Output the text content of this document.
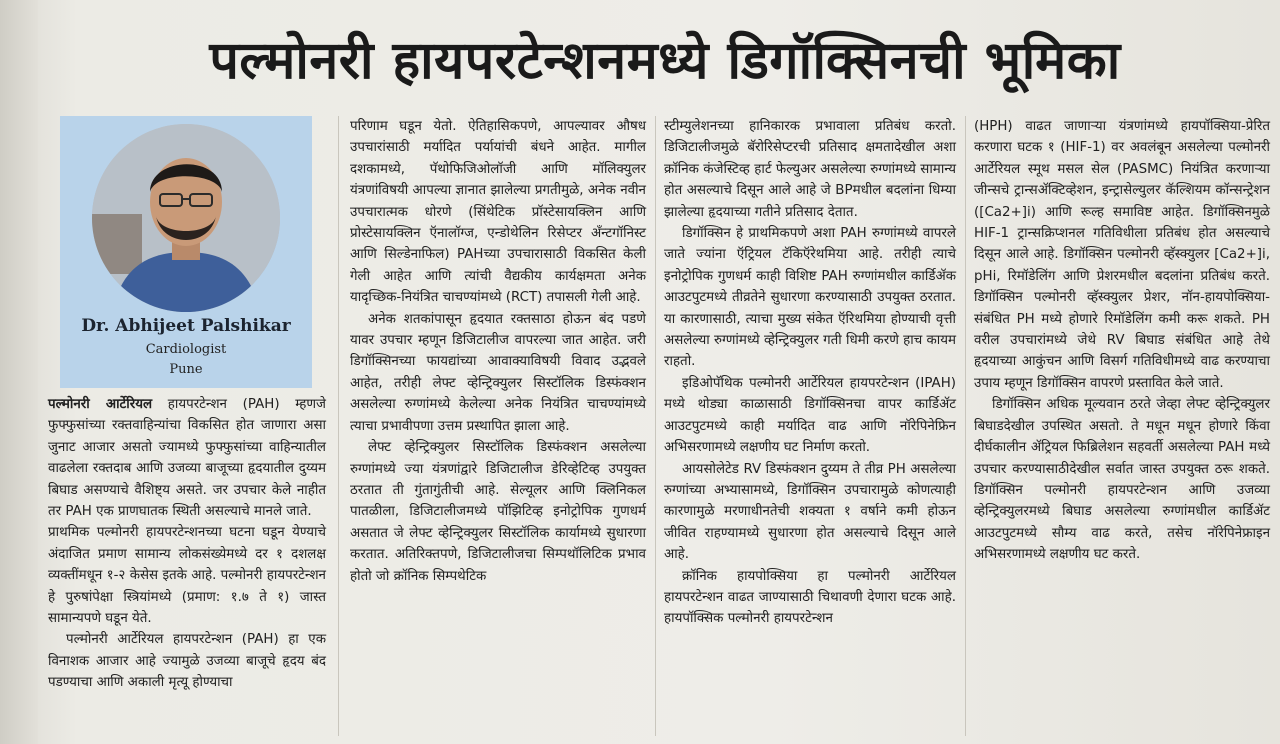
पल्मोनरी हायपरटेन्शनमध्ये डिगॉक्सिनची भूमिका
Dr. Abhijeet Palshikar
Cardiologist
Pune

पल्मोनरी आर्टेरियल हायपरटेन्शन (PAH) म्हणजे फुफ्फुसांच्या रक्तवाहिन्यांचा विकसित होत जाणारा असा जुनाट आजार असतो ज्यामध्ये फुफ्फुसांच्या वाहिन्यातील वाढलेला रक्तदाब आणि उजव्या बाजूच्या हृदयातील दुय्यम बिघाड असण्याचे वैशिष्ट्य असते. जर उपचार केले नाहीत तर PAH एक प्राणघातक स्थिती असल्याचे मानले जाते.

प्राथमिक पल्मोनरी हायपरटेन्शनच्या घटना घडून येण्याचे अंदाजित प्रमाण सामान्य लोकसंख्येमध्ये दर १ दशलक्ष व्यक्तींमधून १-२ केसेस इतके आहे. पल्मोनरी हायपरटेन्शन हे पुरुषांपेक्षा स्त्रियांमध्ये (प्रमाण: १.७ ते १) जास्त सामान्यपणे घडून येते.

पल्मोनरी आर्टेरियल हायपरटेन्शन (PAH) हा एक विनाशक आजार आहे ज्यामुळे उजव्या बाजूचे हृदय बंद पडण्याचा आणि अकाली मृत्यू होण्याचा

परिणाम घडून येतो. ऐतिहासिकपणे, आपल्यावर औषध उपचारांसाठी मर्यादित पर्यायांची बंधने आहेत. मागील दशकामध्ये, पॅथोफिजिओलॉजी आणि मॉलिक्युलर यंत्रणांविषयी आपल्या ज्ञानात झालेल्या प्रगतीमुळे, अनेक नवीन उपचारात्मक धोरणे (सिंथेटिक प्रॉस्टेसायक्लिन आणि प्रोस्टेसायक्लिन ऍनालॉग्ज, एन्डोथेलिन रिसेप्टर अँन्टगॉनिस्ट आणि सिल्डेनाफिल) PAHच्या उपचारासाठी विकसित केली गेली आहेत आणि त्यांची वैद्यकीय कार्यक्षमता अनेक यादृच्छिक-नियंत्रित चाचण्यांमध्ये (RCT) तपासली गेली आहे.

अनेक शतकांपासून हृदयात रक्तसाठा होऊन बंद पडणे यावर उपचार म्हणून डिजिटालीज वापरल्या जात आहेत. जरी डिगॉक्सिनच्या फायद्यांच्या आवाक्याविषयी विवाद उद्भवले आहेत, तरीही लेफ्ट व्हेन्ट्रिक्युलर सिस्टॉलिक डिस्फंक्शन असलेल्या रुग्णांमध्ये केलेल्या अनेक नियंत्रित चाचण्यांमध्ये त्याचा प्रभावीपणा उत्तम प्रस्थापित झाला आहे.

लेफ्ट व्हेन्ट्रिक्युलर सिस्टॉलिक डिस्फंक्शन असलेल्या रुग्णांमध्ये ज्या यंत्रणांद्वारे डिजिटालीज डेरिव्हेटिव्ह उपयुक्त ठरतात ती गुंतागुंतीची आहे. सेल्यूलर आणि क्लिनिकल पातळीला, डिजिटालीजमध्ये पॉझिटिव्ह इनोट्रोपिक गुणधर्म असतात जे लेफ्ट व्हेन्ट्रिक्युलर सिस्टॉलिक कार्यामध्ये सुधारणा करतात. अतिरिक्तपणे, डिजिटालीजचा सिम्पथॉलिटिक प्रभाव होतो जो क्रॉनिक सिम्पथेटिक

स्टीम्युलेशनच्या हानिकारक प्रभावाला प्रतिबंध करतो. डिजिटालीजमुळे बॅरोरिसेप्टरची प्रतिसाद क्षमतादेखील अशा क्रॉनिक कंजेस्टिव्ह हार्ट फेल्युअर असलेल्या रुग्णांमध्ये सामान्य होत असल्याचे दिसून आले आहे जे BPमधील बदलांना धिम्या झालेल्या हृदयाच्या गतीने प्रतिसाद देतात.

डिगॉक्सिन हे प्राथमिकपणे अशा PAH रुग्णांमध्ये वापरले जाते ज्यांना ऍट्रियल टॅकिऍरेथमिया आहे. तरीही त्याचे इनोट्रोपिक गुणधर्म काही विशिष्ट PAH रुग्णांमधील कार्डिॲक आउटपुटमध्ये तीव्रतेने सुधारणा करण्यासाठी उपयुक्त ठरतात. या कारणासाठी, त्याचा मुख्य संकेत ऍरिथमिया होण्याची वृत्ती असलेल्या रुग्णांमध्ये व्हेन्ट्रिक्युलर गती धिमी करणे हाच कायम राहतो.

इडिओपॅथिक पल्मोनरी आर्टेरियल हायपरटेन्शन (IPAH) मध्ये थोड्या काळासाठी डिगॉक्सिनचा वापर कार्डिॲट आउटपुटमध्ये काही मर्यादित वाढ आणि नॉरेपिनेफ्रिन अभिसरणामध्ये लक्षणीय घट निर्माण करतो.

आयसोलेटेड RV डिस्फंक्शन दुय्यम ते तीव्र PH असलेल्या रुग्णांच्या अभ्यासामध्ये, डिगॉक्सिन उपचारामुळे कोणत्याही कारणामुळे मरणाधीनतेची शक्यता १ वर्षाने कमी होऊन जीवित राहण्यामध्ये सुधारणा होत असल्याचे दिसून आले आहे.

क्रॉनिक हायपोक्सिया हा पल्मोनरी आर्टेरियल हायपरटेन्शन वाढत जाण्यासाठी चिथावणी देणारा घटक आहे. हायपॉक्सिक पल्मोनरी हायपरटेन्शन

(HPH) वाढत जाणाऱ्या यंत्रणांमध्ये हायपॉक्सिया-प्रेरित करणारा घटक १ (HIF-1) वर अवलंबून असलेल्या पल्मोनरी आर्टेरियल स्मूथ मसल सेल (PASMC) नियंत्रित करणाऱ्या जीन्सचे ट्रान्सॲक्टिव्हेशन, इन्ट्रासेल्युलर कॅल्शियम कॉन्सन्ट्रेशन ([Ca2+]i) आणि रूल्ह समाविष्ट आहेत. डिगॉक्सिनमुळे HIF-1 ट्रान्सक्रिप्शनल गतिविधीला प्रतिबंध होत असल्याचे दिसून आले आहे. डिगॉक्सिन पल्मोनरी व्हॅस्क्युलर [Ca2+]i, pHi, रिमॉडेलिंग आणि प्रेशरमधील बदलांना प्रतिबंध करते. डिगॉक्सिन पल्मोनरी व्हॅस्क्युलर प्रेशर, नॉन-हायपोक्सिया-संबंधित PH मध्ये होणारे रिमॉडेलिंग कमी करू शकते. PH वरील उपचारांमध्ये जेथे RV बिघाड संबंधित आहे तेथे हृदयाच्या आकुंचन आणि विसर्ग गतिविधीमध्ये वाढ करण्याचा उपाय म्हणून डिगॉक्सिन वापरणे प्रस्तावित केले जाते.

डिगॉक्सिन अधिक मूल्यवान ठरते जेव्हा लेफ्ट व्हेन्ट्रिक्युलर बिघाडदेखील उपस्थित असतो. ते मधून मधून होणारे किंवा दीर्घकालीन ॲट्रियल फिब्रिलेशन सहवर्ती असलेल्या PAH मध्ये उपचार करण्यासाठीदेखील सर्वात जास्त उपयुक्त ठरू शकते. डिगॉक्सिन पल्मोनरी हायपरटेन्शन आणि उजव्या व्हेन्ट्रिक्युलरमध्ये बिघाड असलेल्या रुग्णांमधील कार्डिॲट आउटपुटमध्ये सौम्य वाढ करते, तसेच नॉरेपिनेफ्राइन अभिसरणामध्ये लक्षणीय घट करते.
